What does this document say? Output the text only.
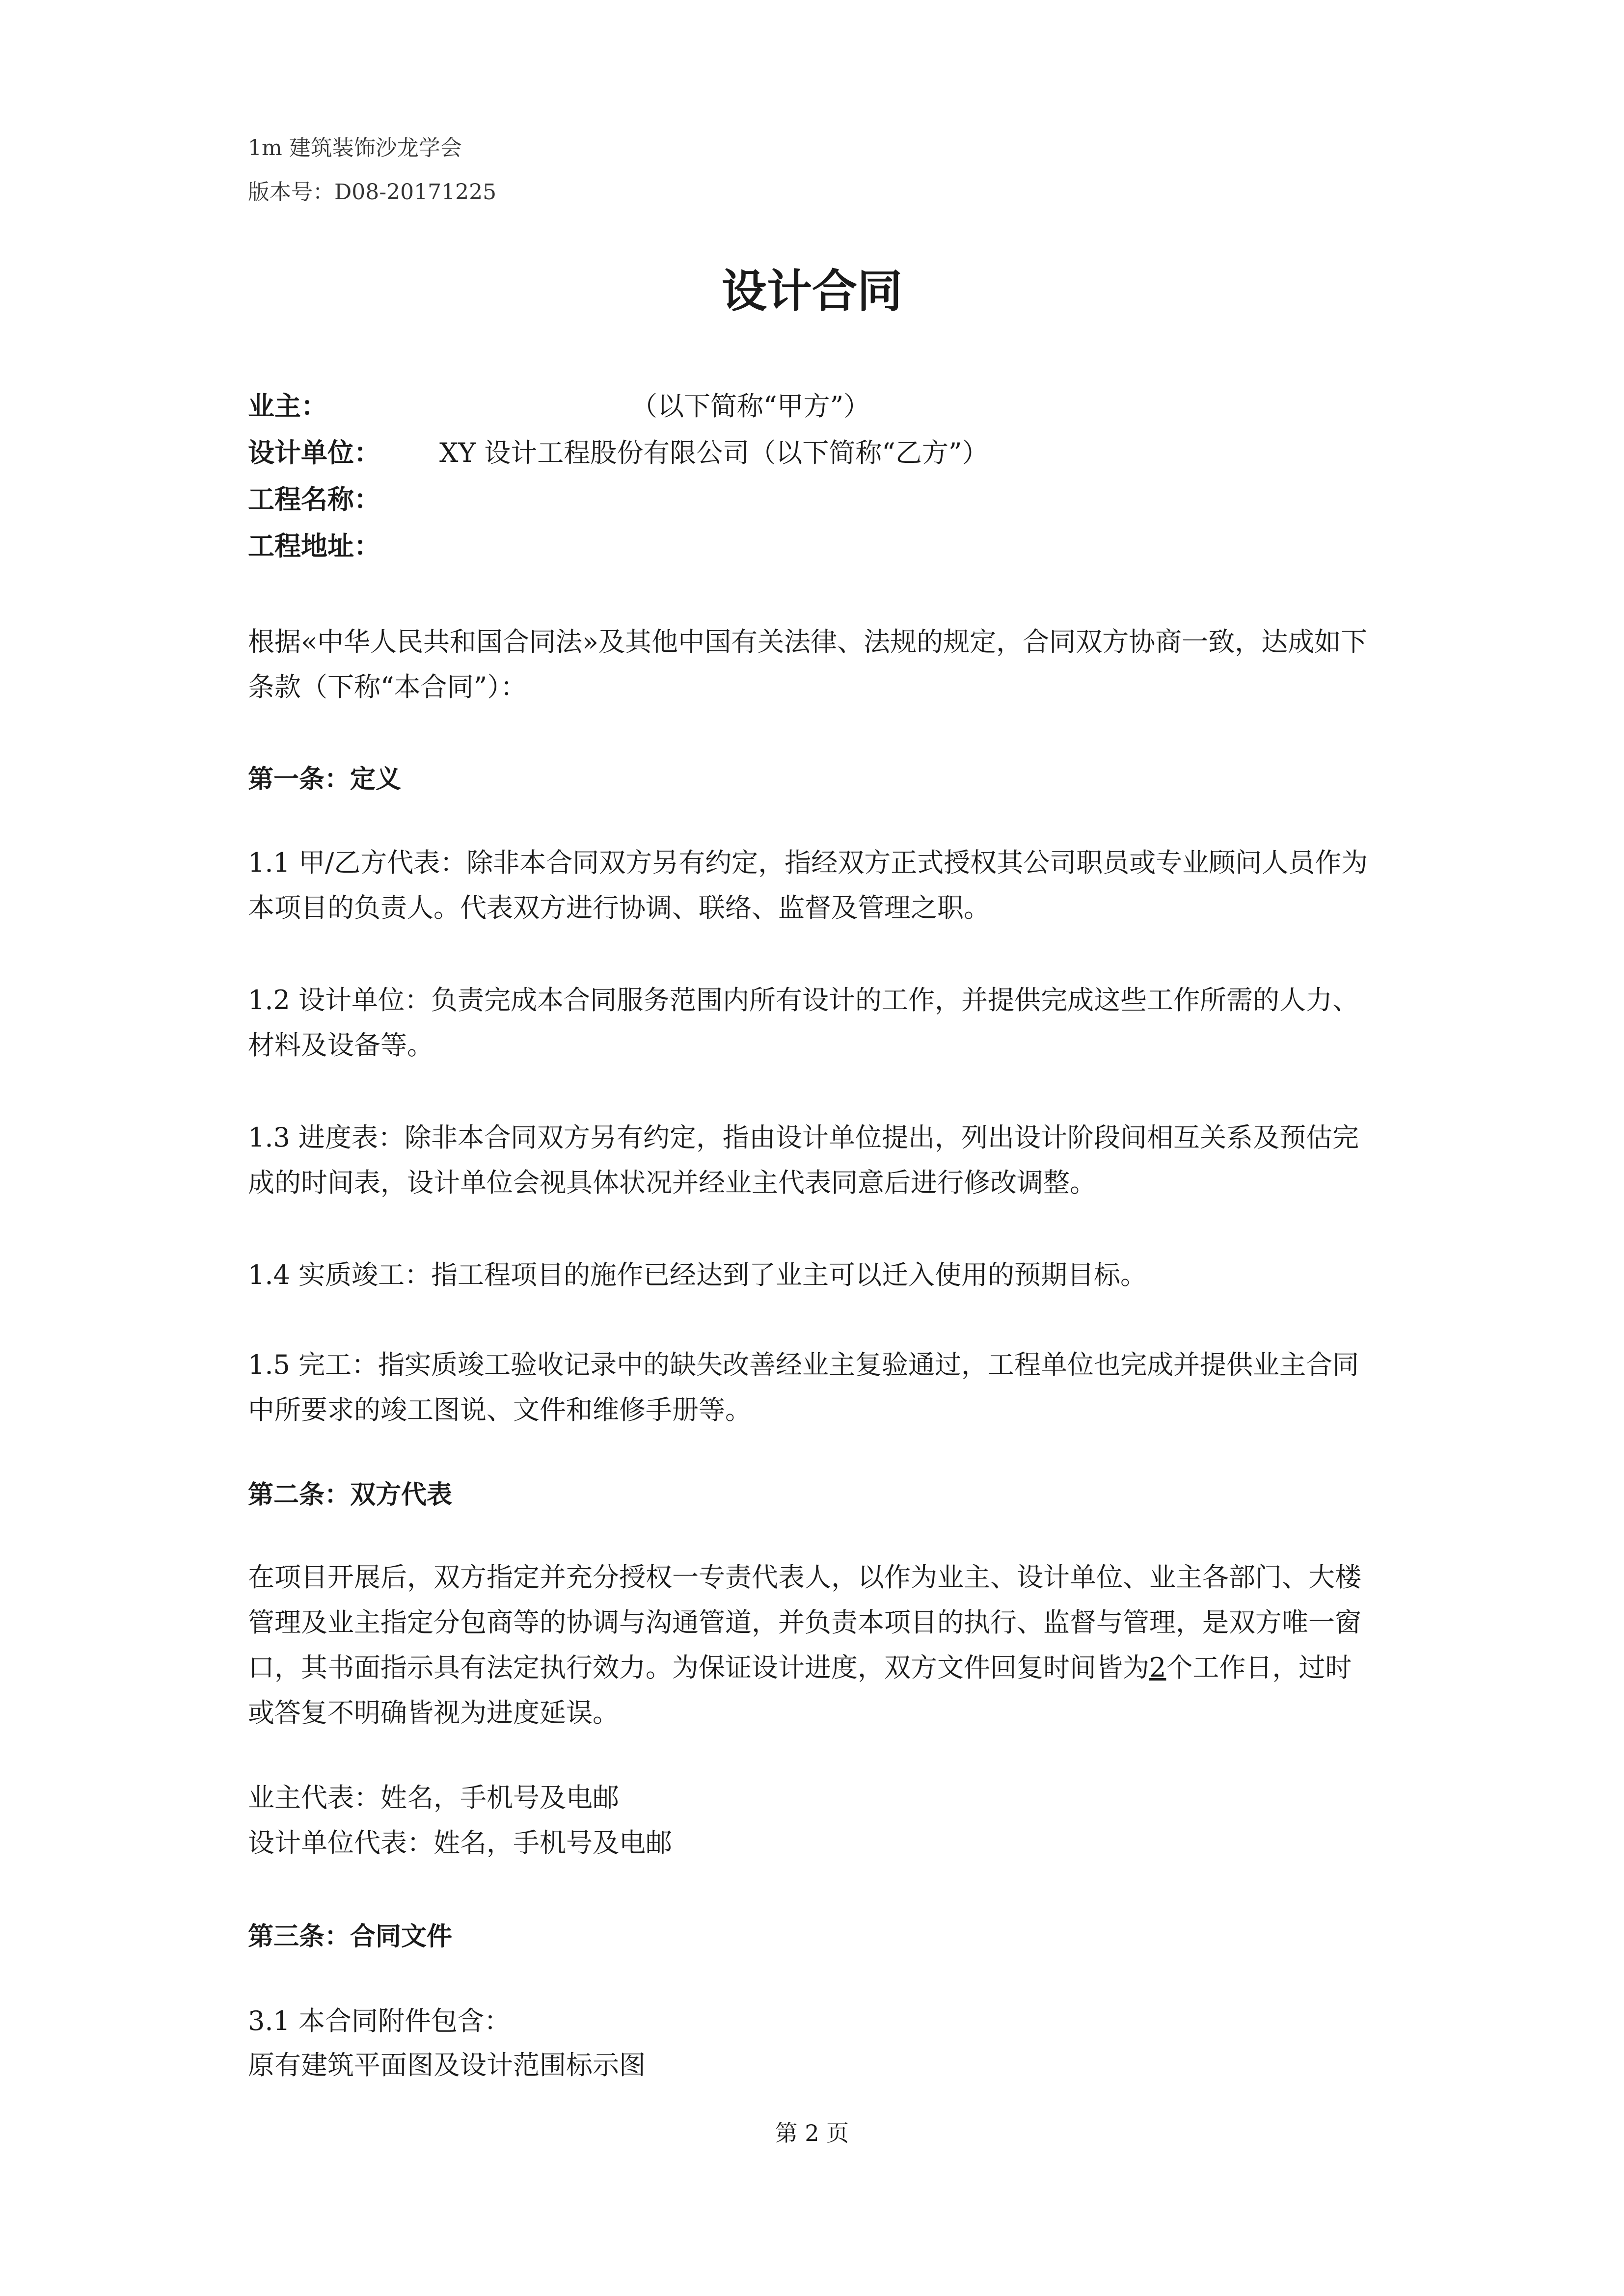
1m 建筑装饰沙龙学会
版本号：D08-20171225
设计合同
业主：	（以下简称“甲方”）
设计单位： XY 设计工程股份有限公司（以下简称“乙方”）
工程名称：
工程地址：
根据«中华人民共和国合同法»及其他中国有关法律、法规的规定，合同双方协商一致，达成如下条款（下称“本合同”）：
第一条：定义
1.1 甲/乙方代表：除非本合同双方另有约定，指经双方正式授权其公司职员或专业顾问人员作为本项目的负责人。代表双方进行协调、联络、监督及管理之职。
1.2 设计单位：负责完成本合同服务范围内所有设计的工作，并提供完成这些工作所需的人力、材料及设备等。
1.3 进度表：除非本合同双方另有约定，指由设计单位提出，列出设计阶段间相互关系及预估完成的时间表，设计单位会视具体状况并经业主代表同意后进行修改调整。
1.4 实质竣工：指工程项目的施作已经达到了业主可以迁入使用的预期目标。
1.5 完工：指实质竣工验收记录中的缺失改善经业主复验通过，工程单位也完成并提供业主合同中所要求的竣工图说、文件和维修手册等。
第二条：双方代表
在项目开展后，双方指定并充分授权一专责代表人，以作为业主、设计单位、业主各部门、大楼管理及业主指定分包商等的协调与沟通管道，并负责本项目的执行、监督与管理，是双方唯一窗口，其书面指示具有法定执行效力。为保证设计进度，双方文件回复时间皆为2个工作日，过时或答复不明确皆视为进度延误。
业主代表：姓名，手机号及电邮
设计单位代表：姓名，手机号及电邮
第三条：合同文件
3.1 本合同附件包含：
原有建筑平面图及设计范围标示图
第 2 页
